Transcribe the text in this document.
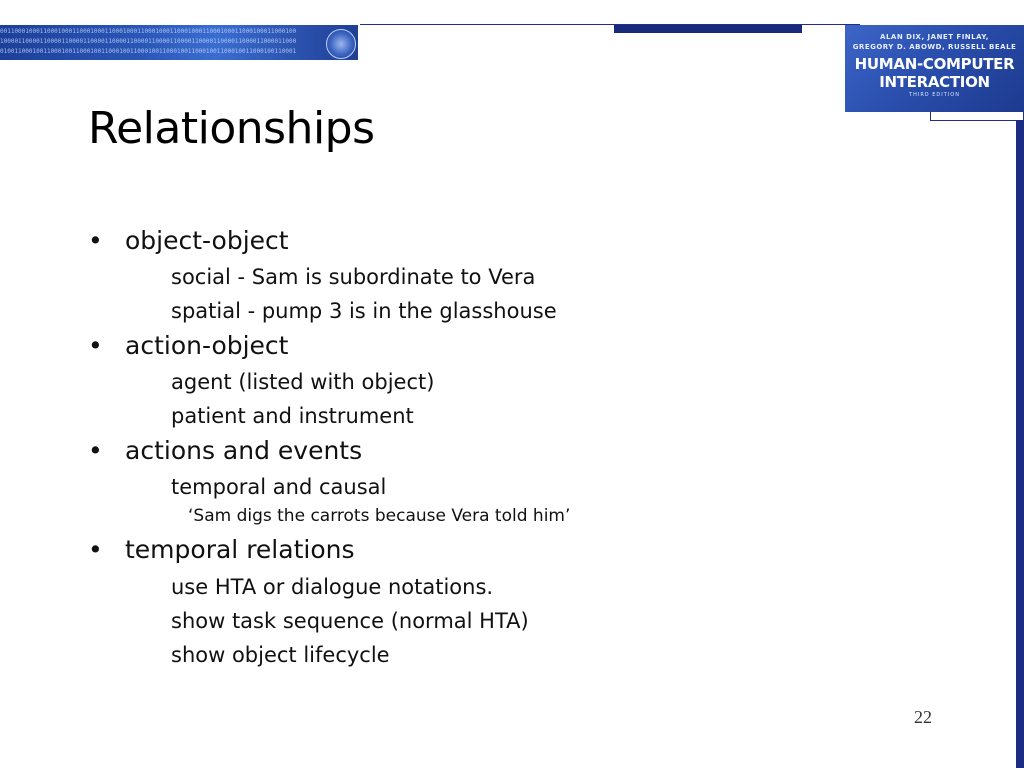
0011000100011000100011000100011000100011000100011000100011000100011000100011000100
1000011000011000011000011000011000011000011000011000011000011000011000011000011000
0100110001001100010011000100110001001100010011000100110001001100010011000100110001
ALAN DIX, JANET FINLAY,
GREGORY D. ABOWD, RUSSELL BEALE
HUMAN-COMPUTER
INTERACTION
THIRD EDITION
Relationships
• object-object
social - Sam is subordinate to Vera
spatial - pump 3 is in the glasshouse
• action-object
agent (listed with object)
patient and instrument
• actions and events
temporal and causal
‘Sam digs the carrots because Vera told him’
• temporal relations
use HTA or dialogue notations.
show task sequence (normal HTA)
show object lifecycle
22
